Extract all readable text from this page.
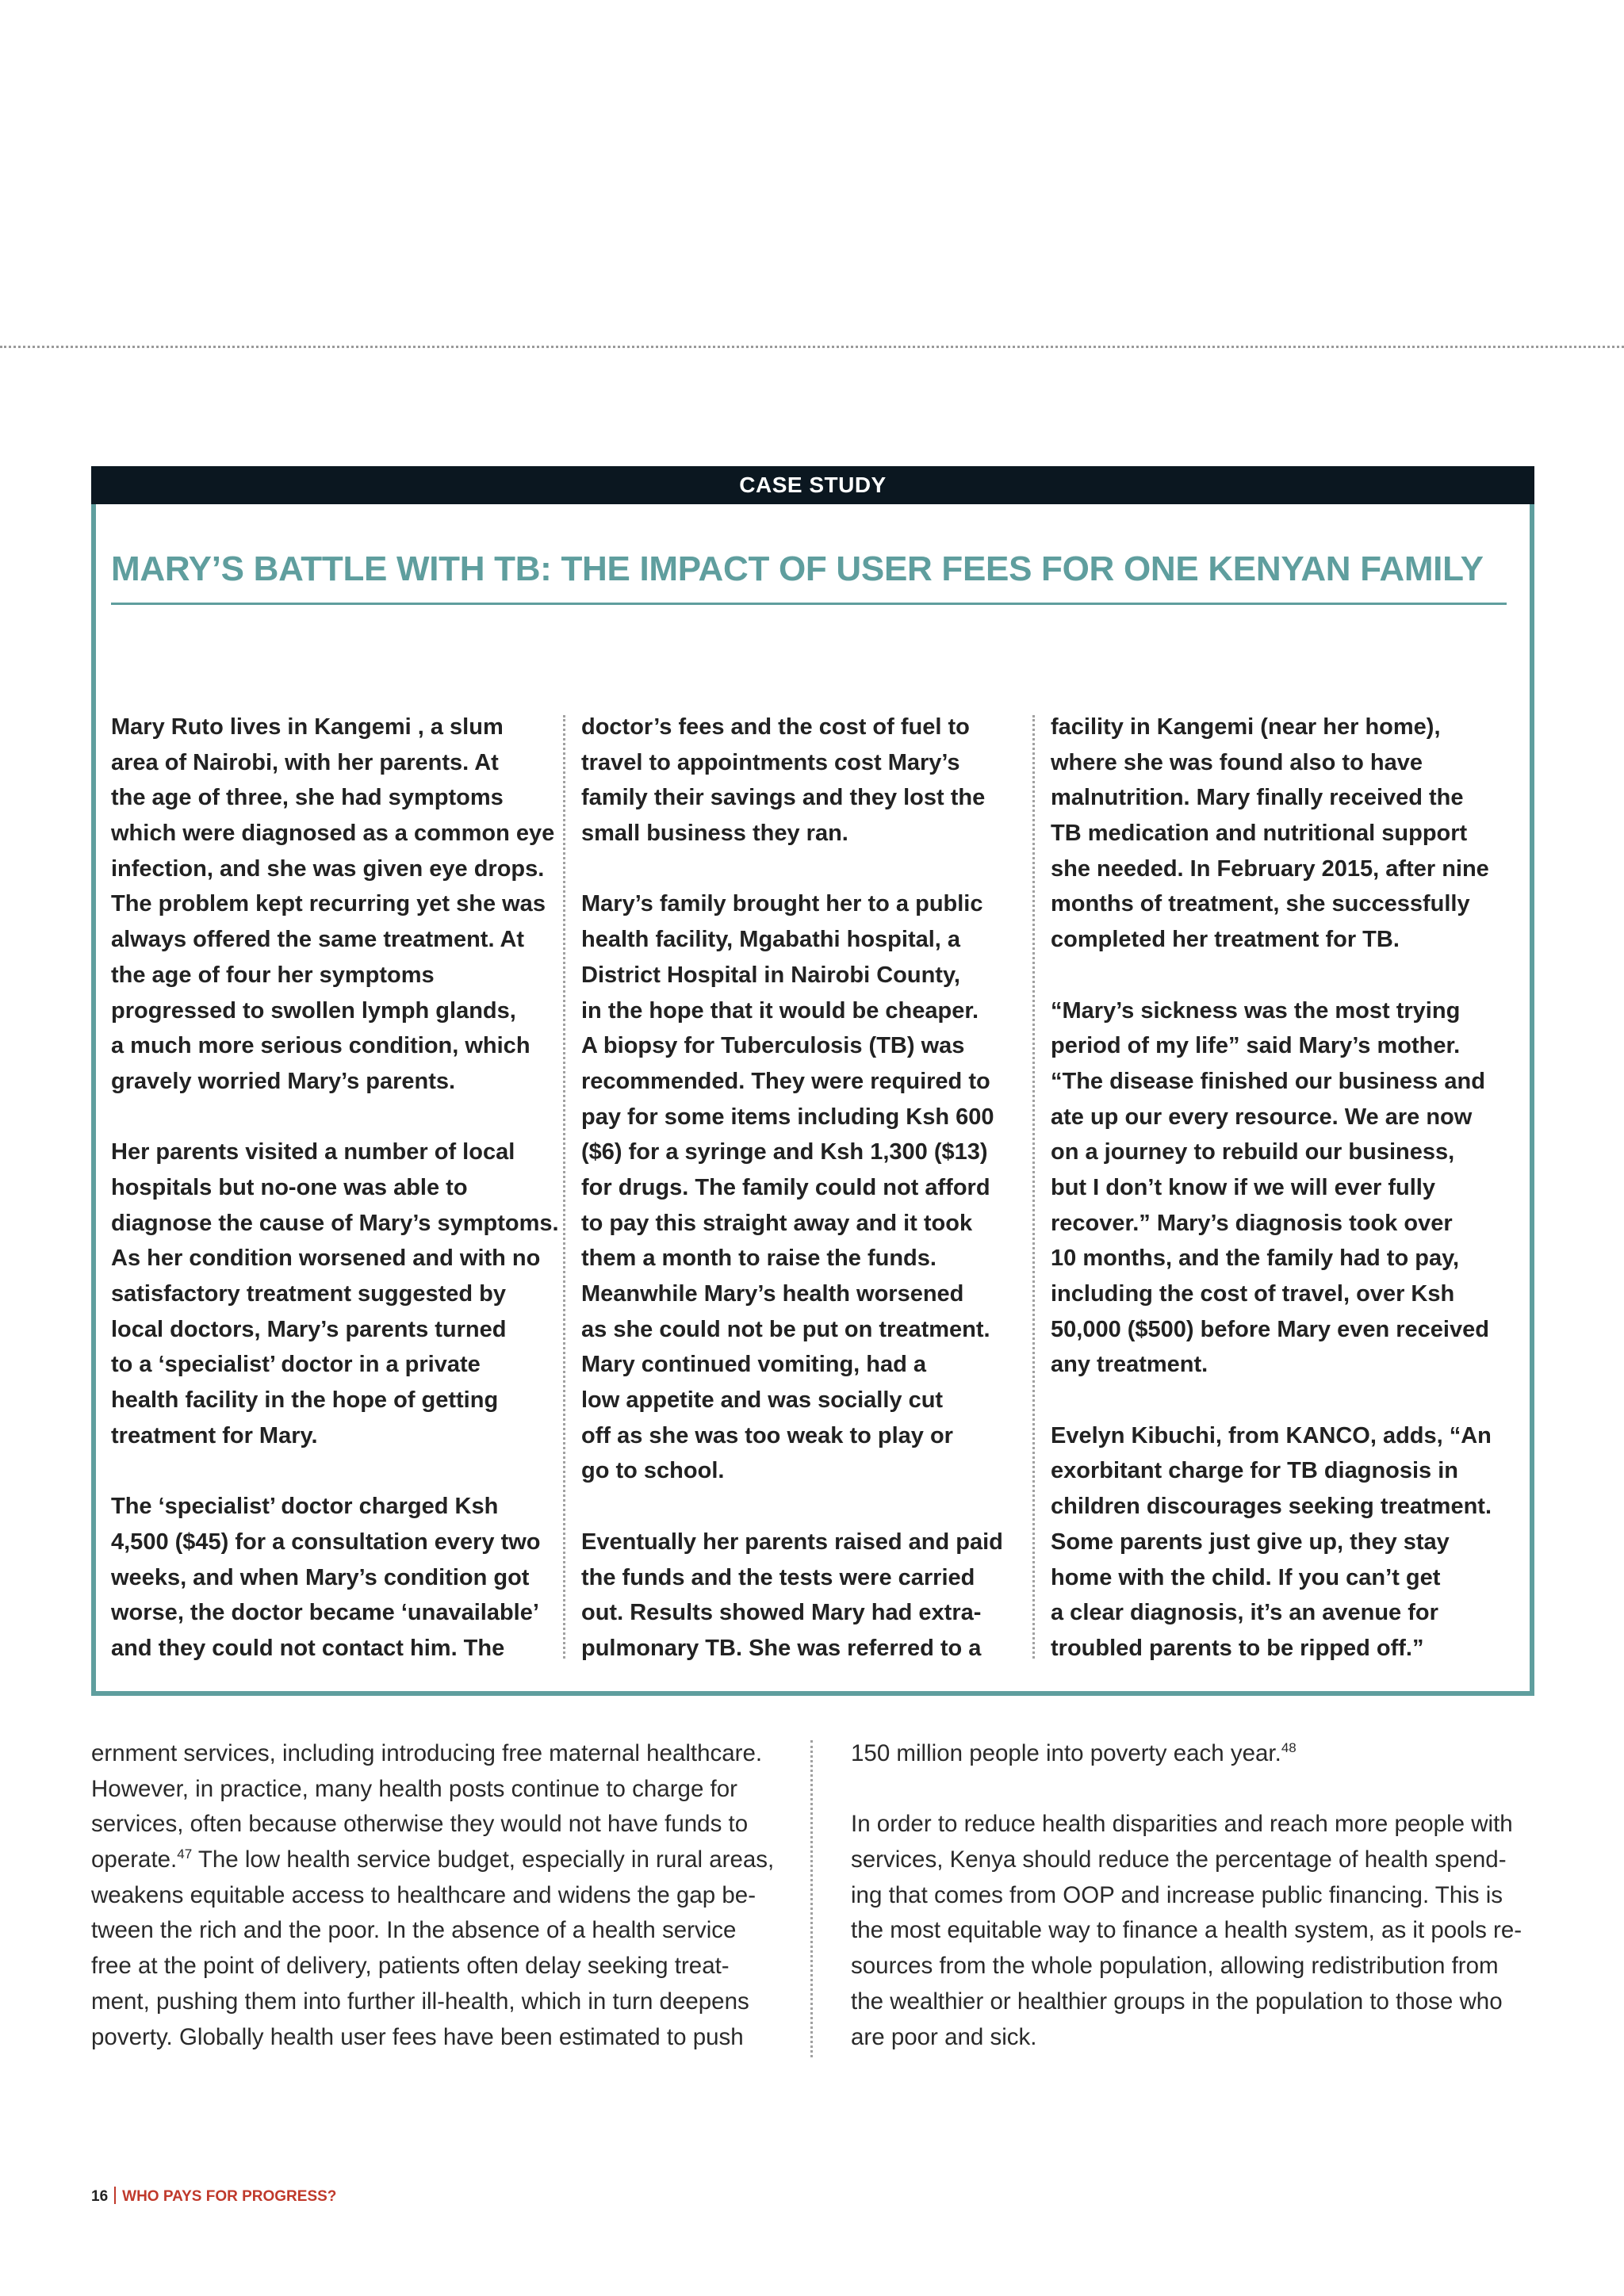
CASE STUDY
MARY’S BATTLE WITH TB: THE IMPACT OF USER FEES FOR ONE KENYAN FAMILY
Mary Ruto lives in Kangemi , a slum
area of Nairobi, with her parents. At
the age of three, she had symptoms
which were diagnosed as a common eye
infection, and she was given eye drops.
The problem kept recurring yet she was
always offered the same treatment. At
the age of four her symptoms
progressed to swollen lymph glands,
a much more serious condition, which
gravely worried Mary’s parents.

Her parents visited a number of local
hospitals but no-one was able to
diagnose the cause of Mary’s symptoms.
As her condition worsened and with no
satisfactory treatment suggested by
local doctors, Mary’s parents turned
to a ‘specialist’ doctor in a private
health facility in the hope of getting
treatment for Mary.

The ‘specialist’ doctor charged Ksh
4,500 ($45) for a consultation every two
weeks, and when Mary’s condition got
worse, the doctor became ‘unavailable’
and they could not contact him. The
doctor’s fees and the cost of fuel to
travel to appointments cost Mary’s
family their savings and they lost the
small business they ran.

Mary’s family brought her to a public
health facility, Mgabathi hospital, a
District Hospital in Nairobi County,
in the hope that it would be cheaper.
A biopsy for Tuberculosis (TB) was
recommended. They were required to
pay for some items including Ksh 600
($6) for a syringe and Ksh 1,300 ($13)
for drugs. The family could not afford
to pay this straight away and it took
them a month to raise the funds.
Meanwhile Mary’s health worsened
as she could not be put on treatment.
Mary continued vomiting, had a
low appetite and was socially cut
off as she was too weak to play or
go to school.

Eventually her parents raised and paid
the funds and the tests were carried
out. Results showed Mary had extra-
pulmonary TB. She was referred to a
facility in Kangemi (near her home),
where she was found also to have
malnutrition. Mary finally received the
TB medication and nutritional support
she needed. In February 2015, after nine
months of treatment, she successfully
completed her treatment for TB.

“Mary’s sickness was the most trying
period of my life” said Mary’s mother.
“The disease finished our business and
ate up our every resource. We are now
on a journey to rebuild our business,
but I don’t know if we will ever fully
recover.” Mary’s diagnosis took over
10 months, and the family had to pay,
including the cost of travel, over Ksh
50,000 ($500) before Mary even received
any treatment.

Evelyn Kibuchi, from KANCO, adds, “An
exorbitant charge for TB diagnosis in
children discourages seeking treatment.
Some parents just give up, they stay
home with the child. If you can’t get
a clear diagnosis, it’s an avenue for
troubled parents to be ripped off.”
ernment services, including introducing free maternal healthcare.
However, in practice, many health posts continue to charge for
services, often because otherwise they would not have funds to
operate.$^{47}$ The low health service budget, especially in rural areas,
weakens equitable access to healthcare and widens the gap be-
tween the rich and the poor. In the absence of a health service
free at the point of delivery, patients often delay seeking treat-
ment, pushing them into further ill-health, which in turn deepens
poverty. Globally health user fees have been estimated to push
150 million people into poverty each year.$^{48}$

In order to reduce health disparities and reach more people with
services, Kenya should reduce the percentage of health spend-
ing that comes from OOP and increase public financing. This is
the most equitable way to finance a health system, as it pools re-
sources from the whole population, allowing redistribution from
the wealthier or healthier groups in the population to those who
are poor and sick.
16 WHO PAYS FOR PROGRESS?
